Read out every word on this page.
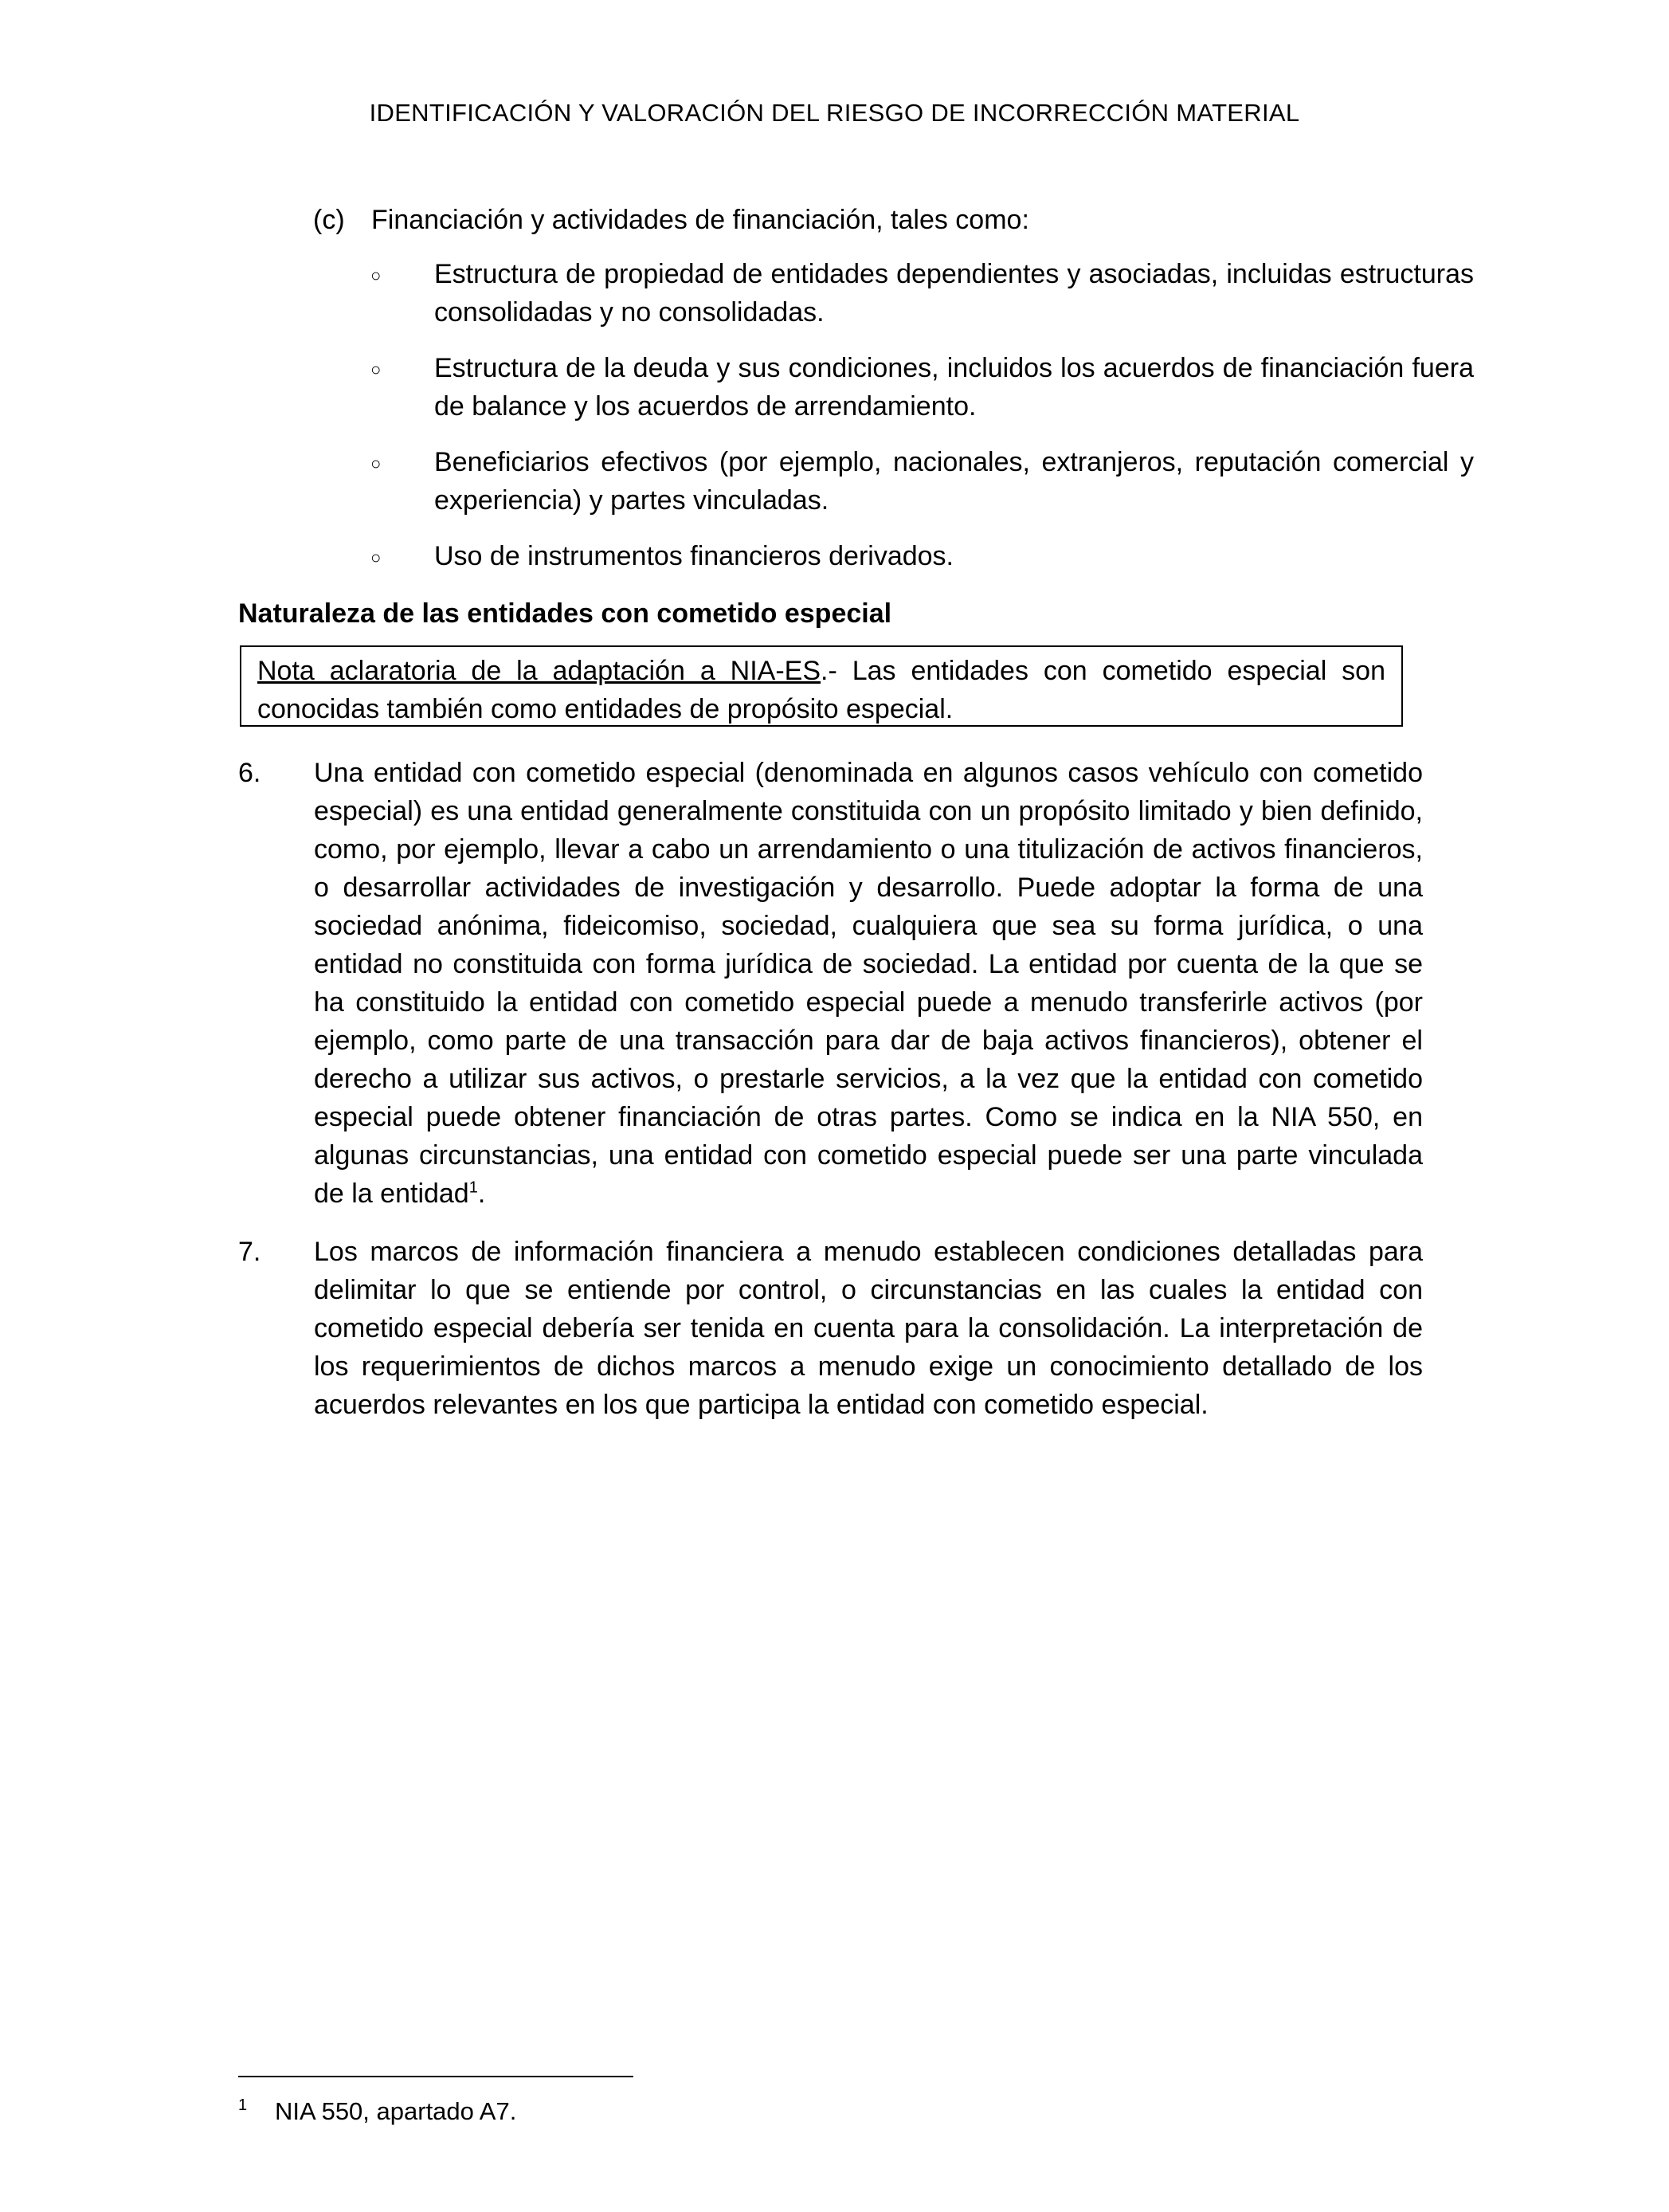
IDENTIFICACIÓN Y VALORACIÓN DEL RIESGO DE INCORRECCIÓN MATERIAL
(c) Financiación y actividades de financiación, tales como:
○ Estructura de propiedad de entidades dependientes y asociadas, incluidas estructuras consolidadas y no consolidadas.
○ Estructura de la deuda y sus condiciones, incluidos los acuerdos de financiación fuera de balance y los acuerdos de arrendamiento.
○ Beneficiarios efectivos (por ejemplo, nacionales, extranjeros, reputación comercial y experiencia) y partes vinculadas.
○ Uso de instrumentos financieros derivados.
Naturaleza de las entidades con cometido especial
Nota aclaratoria de la adaptación a NIA-ES.- Las entidades con cometido especial son conocidas también como entidades de propósito especial.
6. Una entidad con cometido especial (denominada en algunos casos vehículo con cometido especial) es una entidad generalmente constituida con un propósito limitado y bien definido, como, por ejemplo, llevar a cabo un arrendamiento o una titulización de activos financieros, o desarrollar actividades de investigación y desarrollo. Puede adoptar la forma de una sociedad anónima, fideicomiso, sociedad, cualquiera que sea su forma jurídica, o una entidad no constituida con forma jurídica de sociedad. La entidad por cuenta de la que se ha constituido la entidad con cometido especial puede a menudo transferirle activos (por ejemplo, como parte de una transacción para dar de baja activos financieros), obtener el derecho a utilizar sus activos, o prestarle servicios, a la vez que la entidad con cometido especial puede obtener financiación de otras partes. Como se indica en la NIA 550, en algunas circunstancias, una entidad con cometido especial puede ser una parte vinculada de la entidad$^1$.
7. Los marcos de información financiera a menudo establecen condiciones detalladas para delimitar lo que se entiende por control, o circunstancias en las cuales la entidad con cometido especial debería ser tenida en cuenta para la consolidación. La interpretación de los requerimientos de dichos marcos a menudo exige un conocimiento detallado de los acuerdos relevantes en los que participa la entidad con cometido especial.
$^1$ NIA 550, apartado A7.
